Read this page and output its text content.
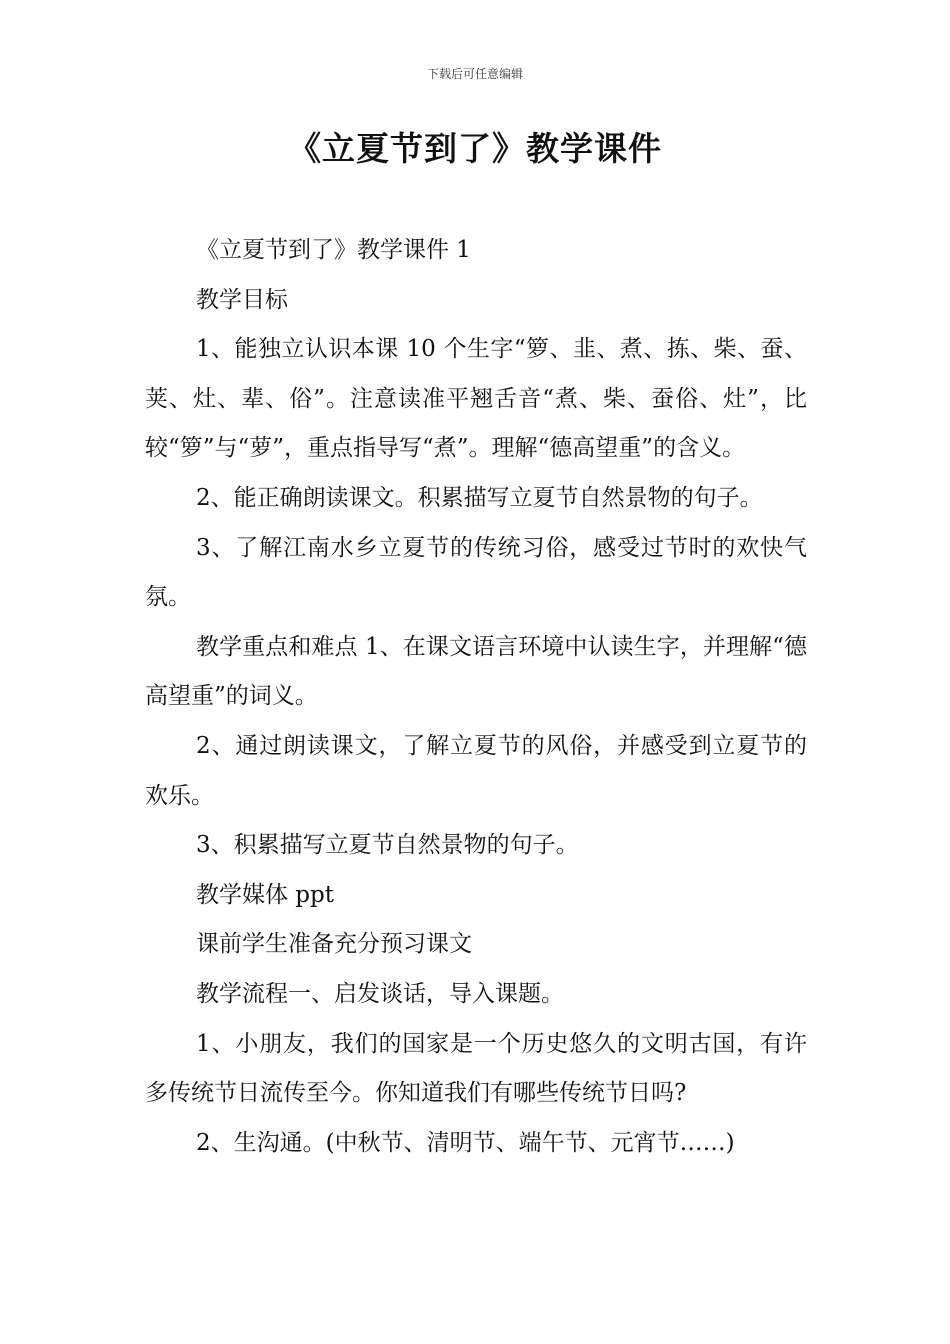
下载后可任意编辑
《立夏节到了》教学课件

《立夏节到了》教学课件 1

教学目标

1、能独立认识本课 10 个生字“箩、韭、煮、拣、柴、蚕、荚、灶、辈、俗”。注意读准平翘舌音“煮、柴、蚕俗、灶”，比较“箩”与“萝”，重点指导写“煮”。理解“德高望重”的含义。

2、能正确朗读课文。积累描写立夏节自然景物的句子。

3、了解江南水乡立夏节的传统习俗，感受过节时的欢快气氛。

教学重点和难点 1、在课文语言环境中认读生字，并理解“德高望重”的词义。

2、通过朗读课文，了解立夏节的风俗，并感受到立夏节的欢乐。

3、积累描写立夏节自然景物的句子。

教学媒体 ppt

课前学生准备充分预习课文

教学流程一、启发谈话，导入课题。

1、小朋友，我们的国家是一个历史悠久的文明古国，有许多传统节日流传至今。你知道我们有哪些传统节日吗?

2、生沟通。(中秋节、清明节、端午节、元宵节……)
